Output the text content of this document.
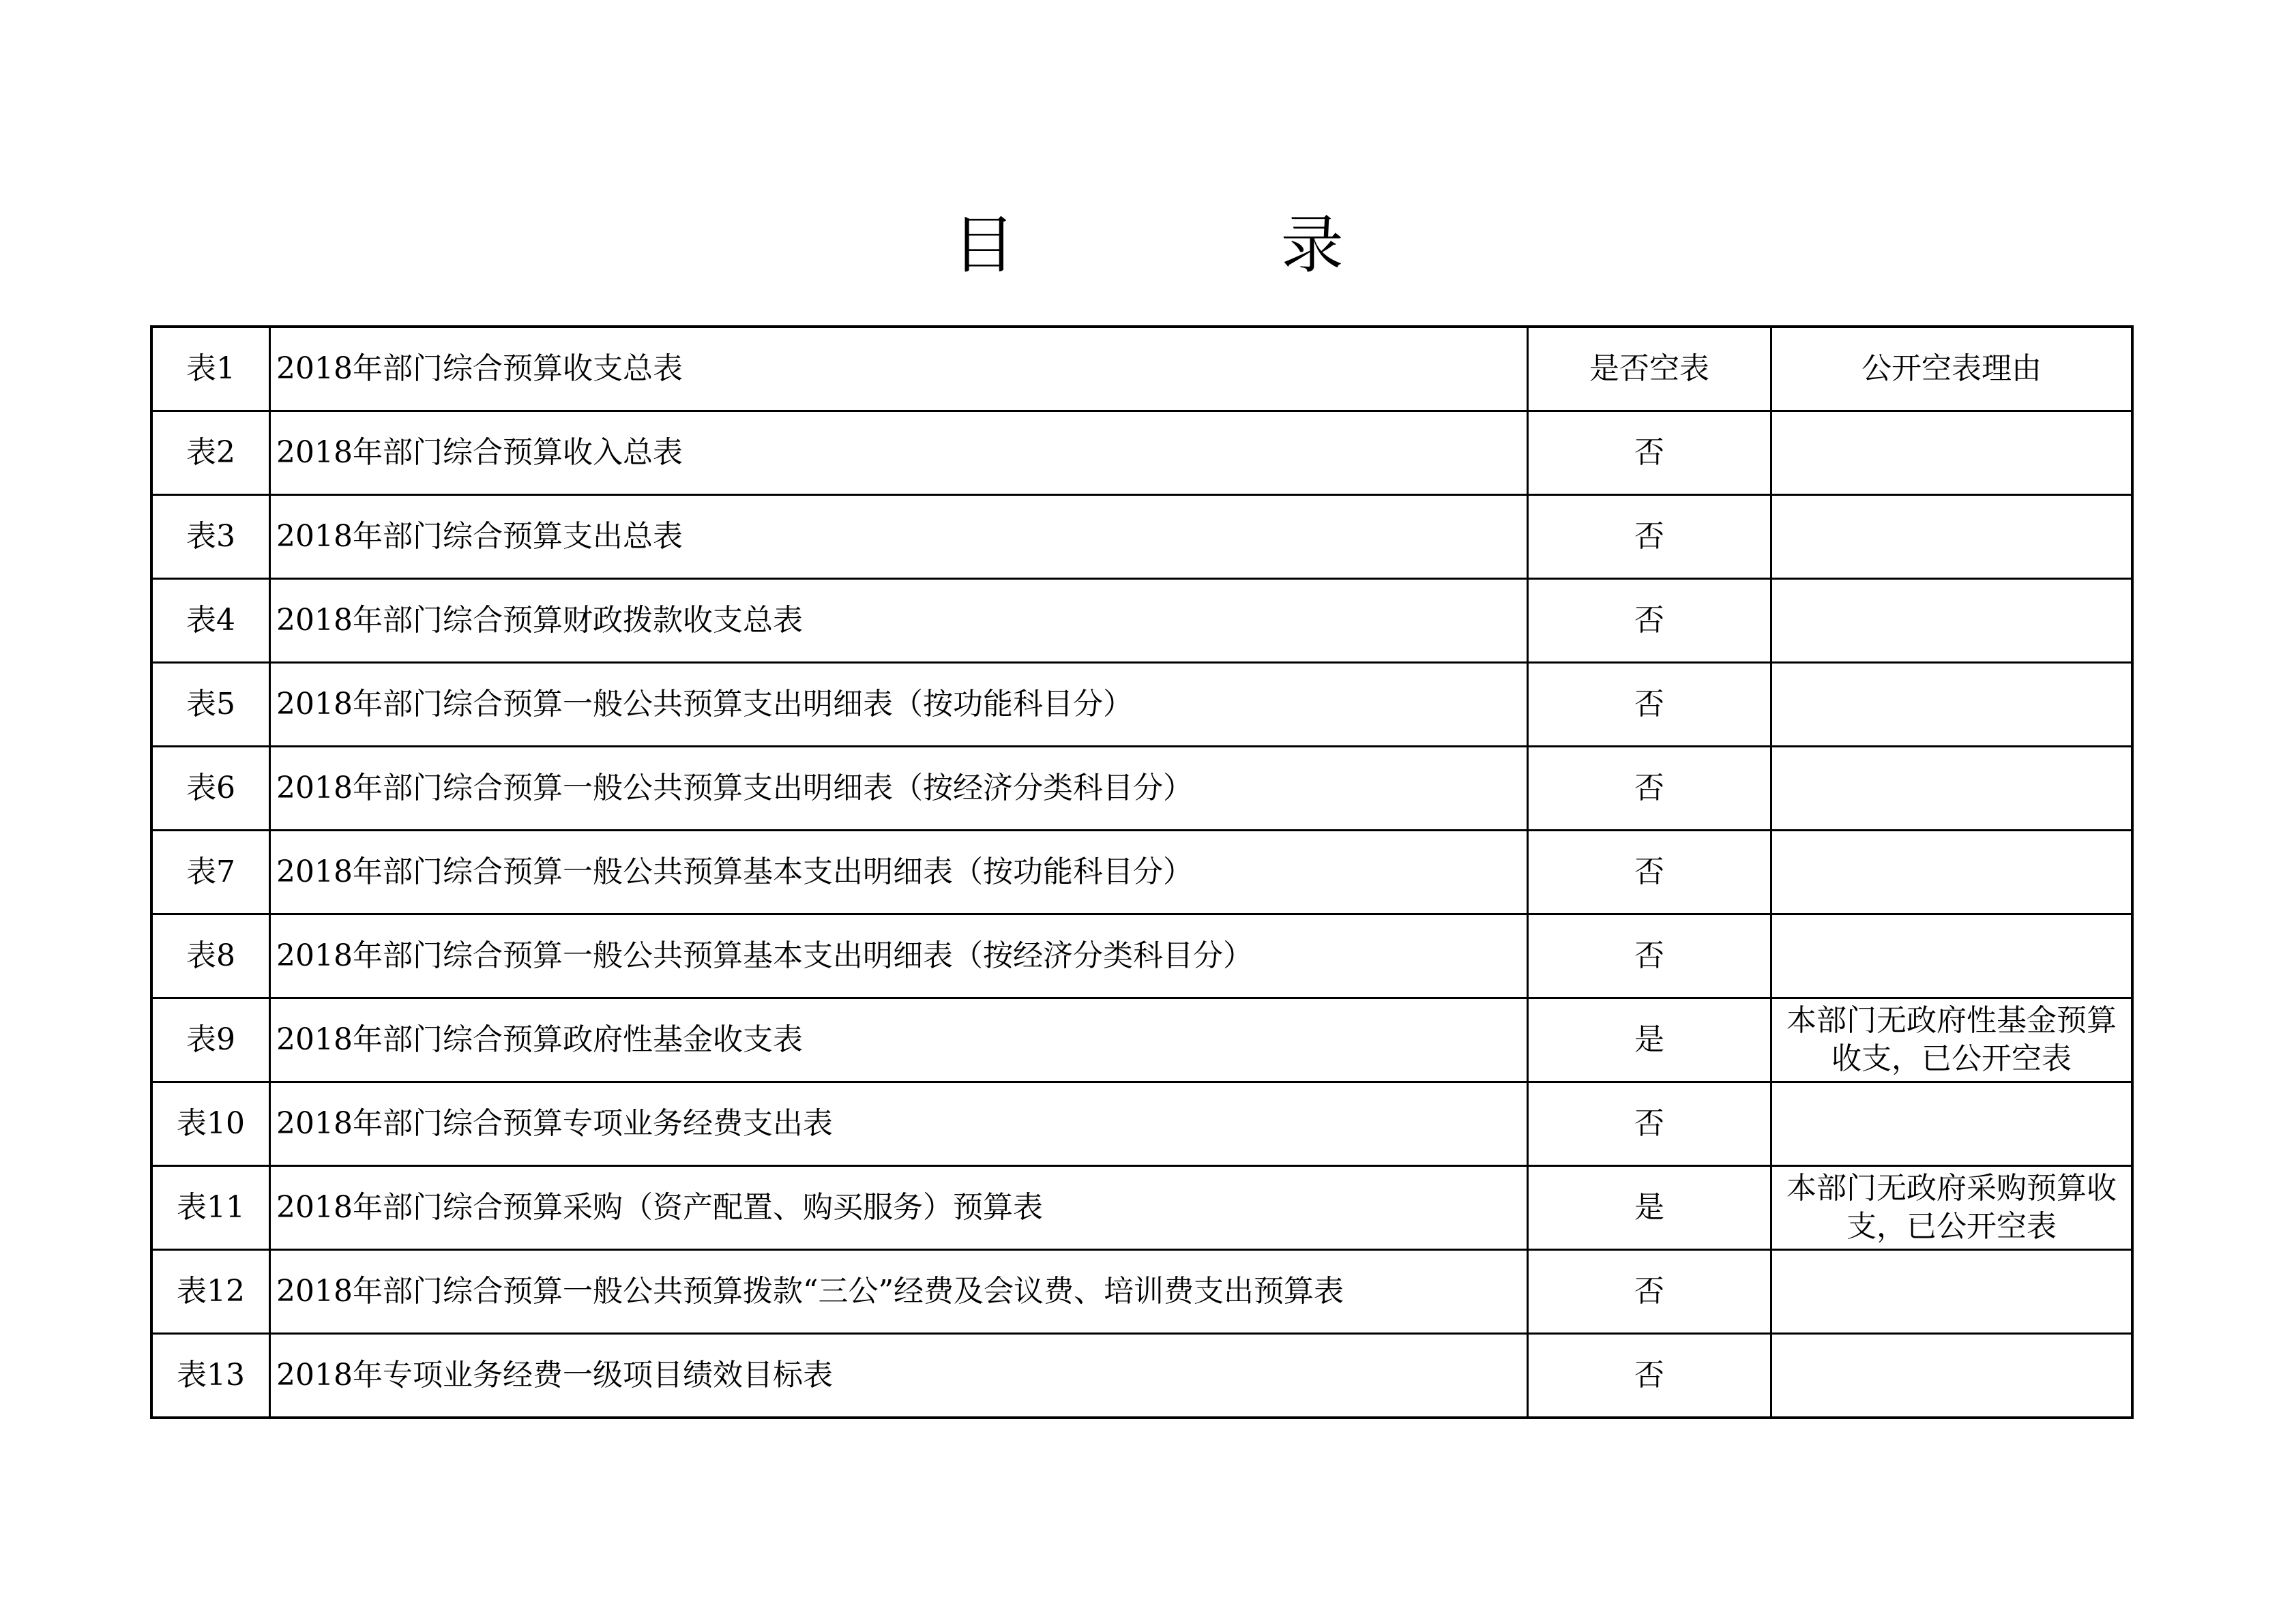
目 录
表1	2018年部门综合预算收支总表	是否空表	公开空表理由
表2	2018年部门综合预算收入总表	否	
表3	2018年部门综合预算支出总表	否	
表4	2018年部门综合预算财政拨款收支总表	否	
表5	2018年部门综合预算一般公共预算支出明细表（按功能科目分）	否	
表6	2018年部门综合预算一般公共预算支出明细表（按经济分类科目分）	否	
表7	2018年部门综合预算一般公共预算基本支出明细表（按功能科目分）	否	
表8	2018年部门综合预算一般公共预算基本支出明细表（按经济分类科目分）	否	
表9	2018年部门综合预算政府性基金收支表	是	本部门无政府性基金预算收支，已公开空表
表10	2018年部门综合预算专项业务经费支出表	否	
表11	2018年部门综合预算采购（资产配置、购买服务）预算表	是	本部门无政府采购预算收支，已公开空表
表12	2018年部门综合预算一般公共预算拨款“三公”经费及会议费、培训费支出预算表	否	
表13	2018年专项业务经费一级项目绩效目标表	否	
